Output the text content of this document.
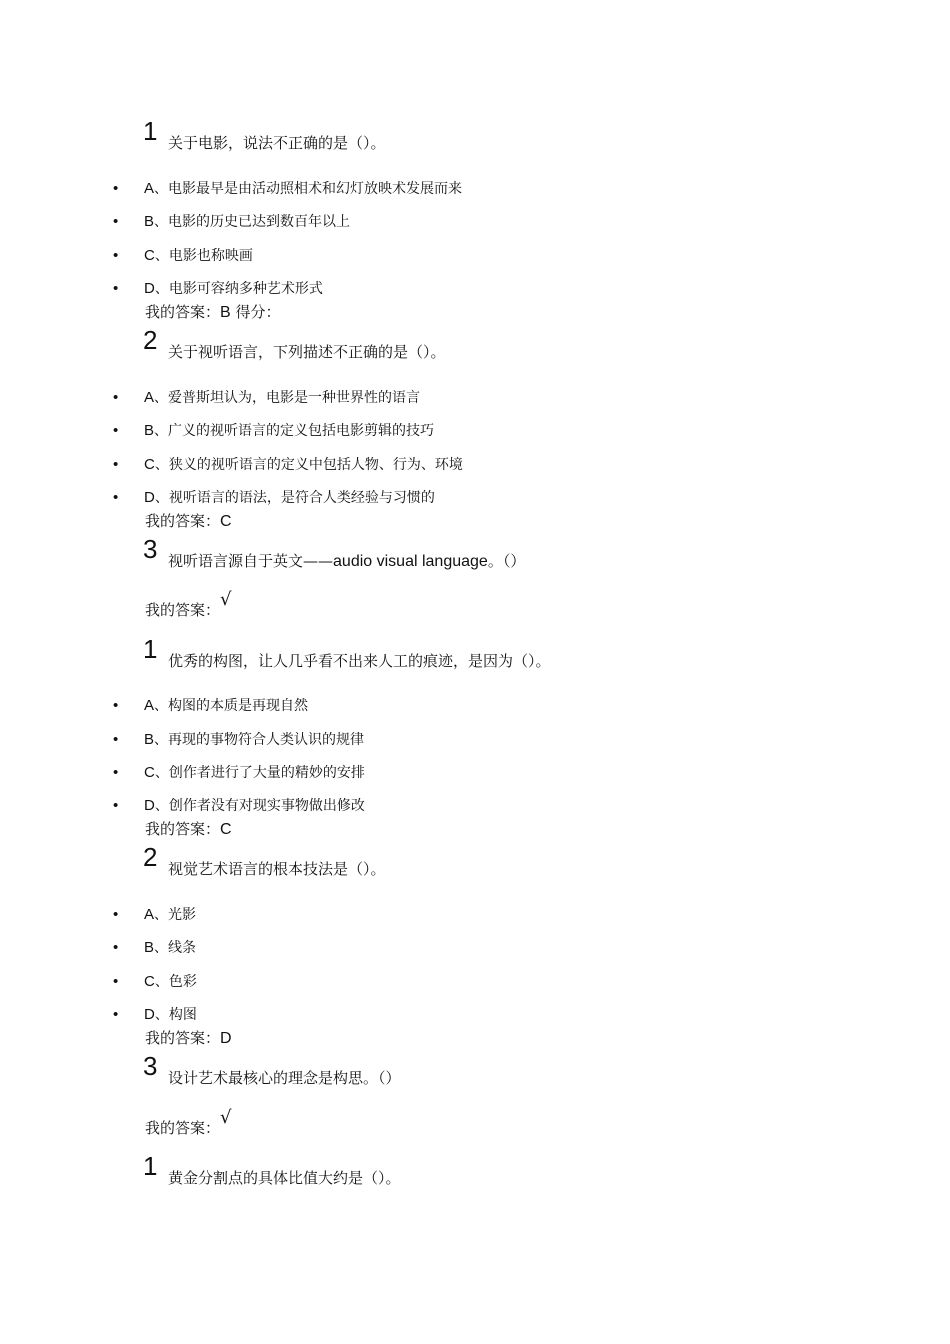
1 关于电影，说法不正确的是（）。
• A、电影最早是由活动照相术和幻灯放映术发展而来
• B、电影的历史已达到数百年以上
• C、电影也称映画
• D、电影可容纳多种艺术形式
我的答案：B 得分：
2 关于视听语言，下列描述不正确的是（）。
• A、爱普斯坦认为，电影是一种世界性的语言
• B、广义的视听语言的定义包括电影剪辑的技巧
• C、狭义的视听语言的定义中包括人物、行为、环境
• D、视听语言的语法，是符合人类经验与习惯的
我的答案：C
3 视听语言源自于英文——audio visual language。（）
我的答案：√
1 优秀的构图，让人几乎看不出来人工的痕迹，是因为（）。
• A、构图的本质是再现自然
• B、再现的事物符合人类认识的规律
• C、创作者进行了大量的精妙的安排
• D、创作者没有对现实事物做出修改
我的答案：C
2 视觉艺术语言的根本技法是（）。
• A、光影
• B、线条
• C、色彩
• D、构图
我的答案：D
3 设计艺术最核心的理念是构思。（）
我的答案：√
1 黄金分割点的具体比值大约是（）。
